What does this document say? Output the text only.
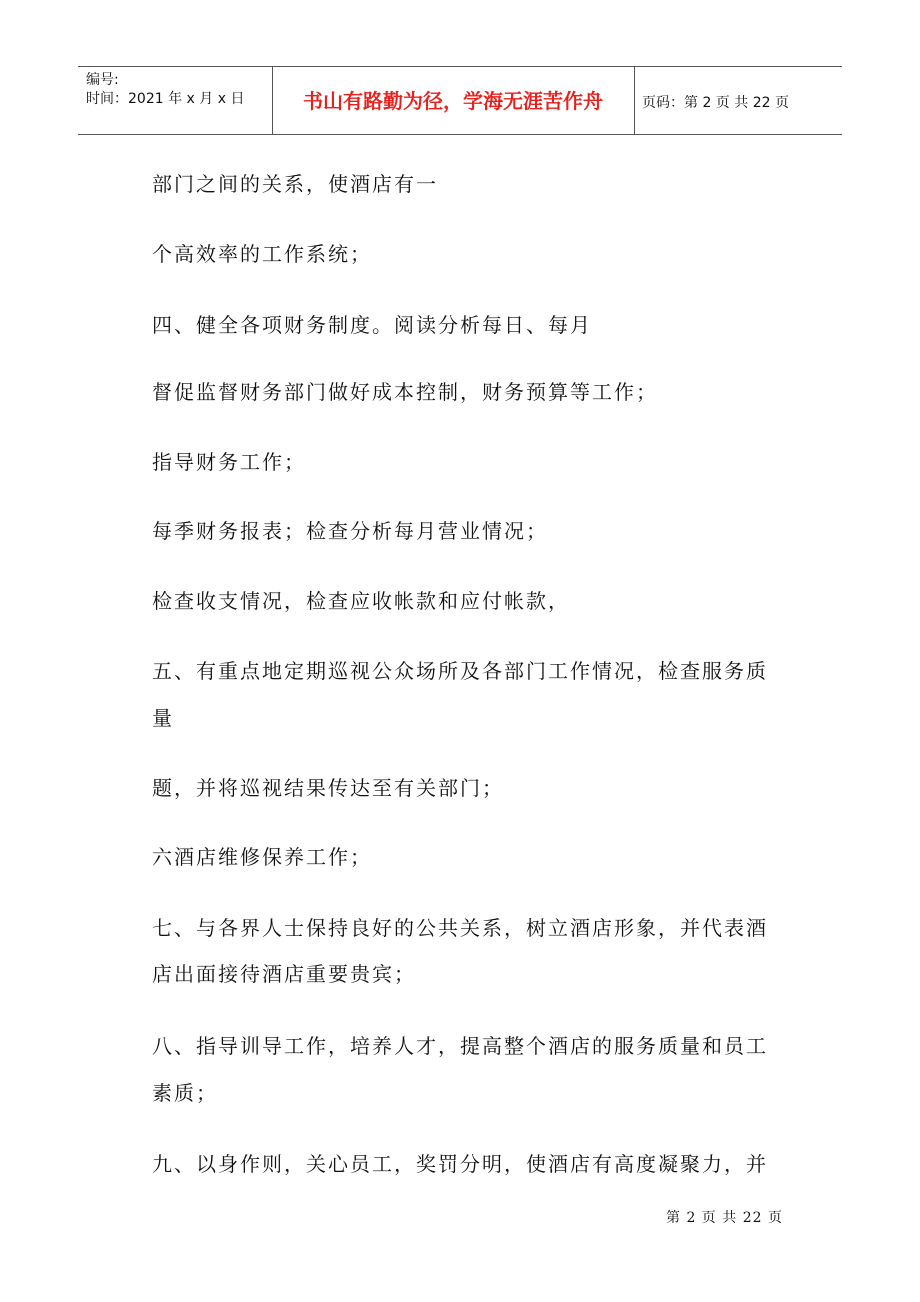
编号:
时间：2021 年 x 月 x 日	书山有路勤为径，学海无涯苦作舟	页码：第 2 页 共 22 页
部门之间的关系，使酒店有一
个高效率的工作系统；
四、健全各项财务制度。阅读分析每日、每月
督促监督财务部门做好成本控制，财务预算等工作；
指导财务工作；
每季财务报表；检查分析每月营业情况；
检查收支情况，检查应收帐款和应付帐款，
五、有重点地定期巡视公众场所及各部门工作情况，检查服务质
量
题，并将巡视结果传达至有关部门；
六酒店维修保养工作；
七、与各界人士保持良好的公共关系，树立酒店形象，并代表酒
店出面接待酒店重要贵宾；
八、指导训导工作，培养人才，提高整个酒店的服务质量和员工
素质；
九、以身作则，关心员工，奖罚分明，使酒店有高度凝聚力，并
第 2 页 共 22 页
